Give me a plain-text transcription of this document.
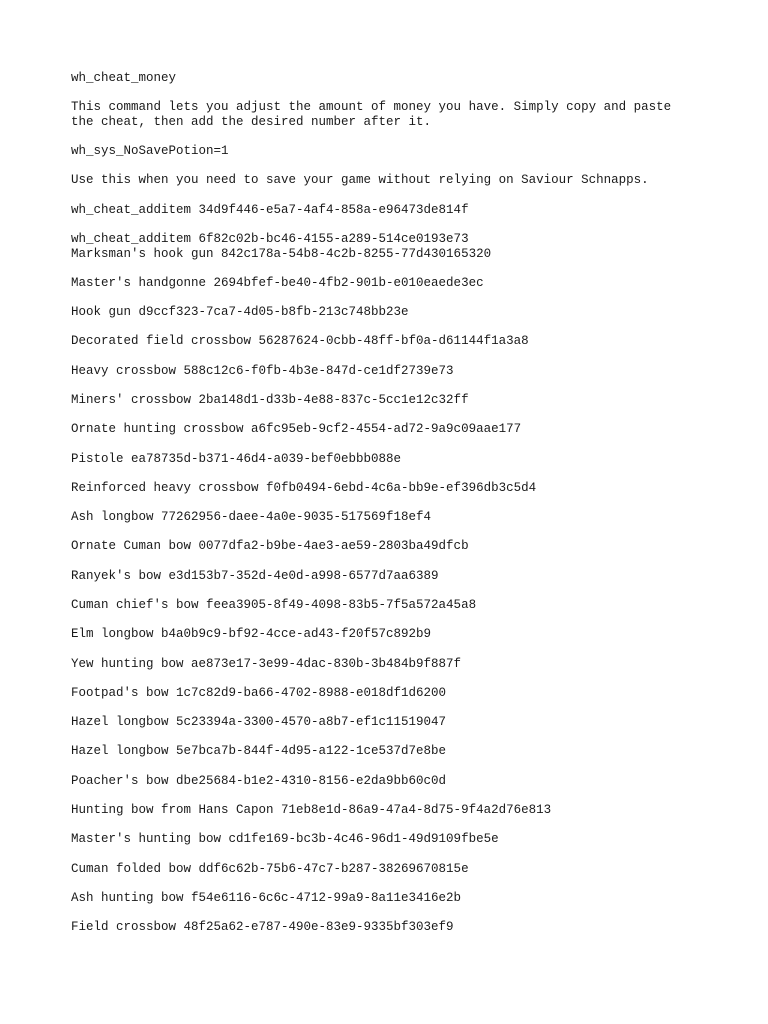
wh_cheat_money
This command lets you adjust the amount of money you have. Simply copy and paste
the cheat, then add the desired number after it.
wh_sys_NoSavePotion=1
Use this when you need to save your game without relying on Saviour Schnapps.
wh_cheat_additem 34d9f446-e5a7-4af4-858a-e96473de814f
wh_cheat_additem 6f82c02b-bc46-4155-a289-514ce0193e73
Marksman's hook gun 842c178a-54b8-4c2b-8255-77d430165320
Master's handgonne 2694bfef-be40-4fb2-901b-e010eaede3ec
Hook gun d9ccf323-7ca7-4d05-b8fb-213c748bb23e
Decorated field crossbow 56287624-0cbb-48ff-bf0a-d61144f1a3a8
Heavy crossbow 588c12c6-f0fb-4b3e-847d-ce1df2739e73
Miners' crossbow 2ba148d1-d33b-4e88-837c-5cc1e12c32ff
Ornate hunting crossbow a6fc95eb-9cf2-4554-ad72-9a9c09aae177
Pistole ea78735d-b371-46d4-a039-bef0ebbb088e
Reinforced heavy crossbow f0fb0494-6ebd-4c6a-bb9e-ef396db3c5d4
Ash longbow 77262956-daee-4a0e-9035-517569f18ef4
Ornate Cuman bow 0077dfa2-b9be-4ae3-ae59-2803ba49dfcb
Ranyek's bow e3d153b7-352d-4e0d-a998-6577d7aa6389
Cuman chief's bow feea3905-8f49-4098-83b5-7f5a572a45a8
Elm longbow b4a0b9c9-bf92-4cce-ad43-f20f57c892b9
Yew hunting bow ae873e17-3e99-4dac-830b-3b484b9f887f
Footpad's bow 1c7c82d9-ba66-4702-8988-e018df1d6200
Hazel longbow 5c23394a-3300-4570-a8b7-ef1c11519047
Hazel longbow 5e7bca7b-844f-4d95-a122-1ce537d7e8be
Poacher's bow dbe25684-b1e2-4310-8156-e2da9bb60c0d
Hunting bow from Hans Capon 71eb8e1d-86a9-47a4-8d75-9f4a2d76e813
Master's hunting bow cd1fe169-bc3b-4c46-96d1-49d9109fbe5e
Cuman folded bow ddf6c62b-75b6-47c7-b287-38269670815e
Ash hunting bow f54e6116-6c6c-4712-99a9-8a11e3416e2b
Field crossbow 48f25a62-e787-490e-83e9-9335bf303ef9
